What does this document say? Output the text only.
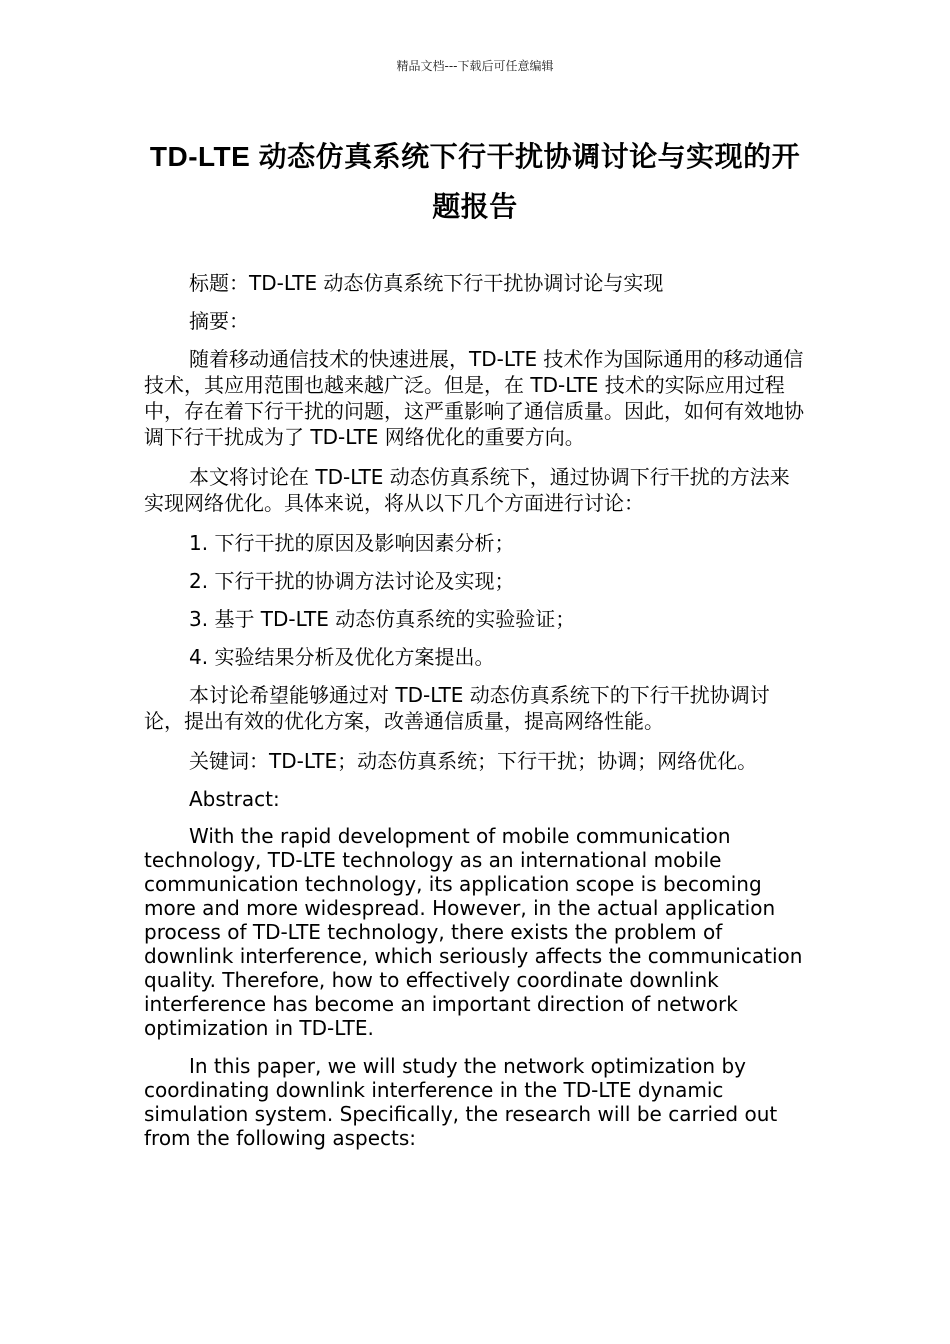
精品文档---下载后可任意编辑
TD-LTE 动态仿真系统下行干扰协调讨论与实现的开题报告

标题：TD-LTE 动态仿真系统下行干扰协调讨论与实现

摘要：

随着移动通信技术的快速进展，TD-LTE 技术作为国际通用的移动通信技术，其应用范围也越来越广泛。但是，在 TD-LTE 技术的实际应用过程中，存在着下行干扰的问题，这严重影响了通信质量。因此，如何有效地协调下行干扰成为了 TD-LTE 网络优化的重要方向。

本文将讨论在 TD-LTE 动态仿真系统下，通过协调下行干扰的方法来实现网络优化。具体来说，将从以下几个方面进行讨论：

1. 下行干扰的原因及影响因素分析；

2. 下行干扰的协调方法讨论及实现；

3. 基于 TD-LTE 动态仿真系统的实验验证；

4. 实验结果分析及优化方案提出。

本讨论希望能够通过对 TD-LTE 动态仿真系统下的下行干扰协调讨论，提出有效的优化方案，改善通信质量，提高网络性能。

关键词：TD-LTE；动态仿真系统；下行干扰；协调；网络优化。

Abstract:

With the rapid development of mobile communication technology, TD-LTE technology as an international mobile communication technology, its application scope is becoming more and more widespread. However, in the actual application process of TD-LTE technology, there exists the problem of downlink interference, which seriously affects the communication quality. Therefore, how to effectively coordinate downlink interference has become an important direction of network optimization in TD-LTE.

In this paper, we will study the network optimization by coordinating downlink interference in the TD-LTE dynamic simulation system. Specifically, the research will be carried out from the following aspects:
